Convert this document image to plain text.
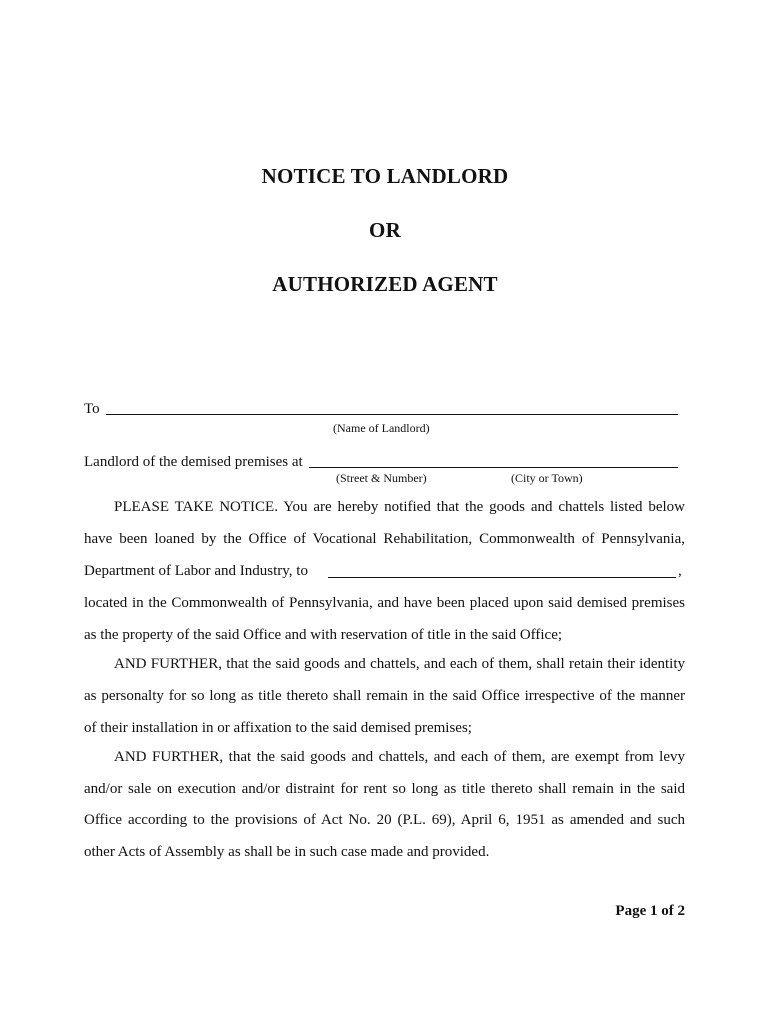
NOTICE TO LANDLORD
OR
AUTHORIZED AGENT
To
(Name of Landlord)
Landlord of the demised premises at
(Street & Number)	(City or Town)
PLEASE TAKE NOTICE. You are hereby notified that the goods and chattels listed below
have been loaned by the Office of Vocational Rehabilitation, Commonwealth of Pennsylvania,
Department of Labor and Industry, to	,
located in the Commonwealth of Pennsylvania, and have been placed upon said demised premises
as the property of the said Office and with reservation of title in the said Office;
AND FURTHER, that the said goods and chattels, and each of them, shall retain their identity
as personalty for so long as title thereto shall remain in the said Office irrespective of the manner
of their installation in or affixation to the said demised premises;
AND FURTHER, that the said goods and chattels, and each of them, are exempt from levy
and/or sale on execution and/or distraint for rent so long as title thereto shall remain in the said
Office according to the provisions of Act No. 20 (P.L. 69), April 6, 1951 as amended and such
other Acts of Assembly as shall be in such case made and provided.
Page 1 of 2
